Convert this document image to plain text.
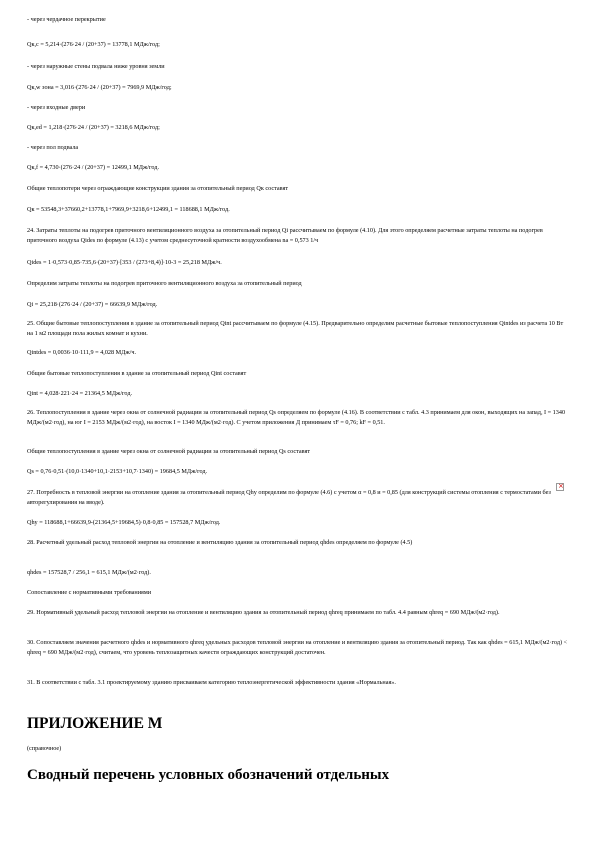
- через чердачное перекрытие

Qк,с = 5,214·(276·24 / (20+37) = 13778,1 МДж/год;

- через наружные стены подвала ниже уровня земли

Qк,w зона = 3,016·(276·24 / (20+37) = 7969,9 МДж/год;

- через входные двери

Qк,ed = 1,218·(276·24 / (20+37) = 3218,6 МДж/год;

- через пол подвала

Qк,f = 4,730·(276·24 / (20+37) = 12499,1 МДж/год.

Общие теплопотери через ограждающие конструкции здания за отопительный период Qк составят

Qк = 53548,3+37660,2+13778,1+7969,9+3218,6+12499,1 = 118688,1 МДж/год.

24. Затраты теплоты на подогрев приточного вентиляционного воздуха за отопительный период Qi рассчитываем по формуле (4.10). Для этого определяем расчетные затраты теплоты на подогрев приточного воздуха Qides по формуле (4.13) с учетом среднесуточной кратности воздухообмена na = 0,573 1/ч

Qides = 1·0,573·0,85·735,6·(20+37)·[353 / (273+8,4)]·10-3 = 25,218 МДж/ч.

Определим затраты теплоты на подогрев приточного вентиляционного воздуха за отопительный период

Qi = 25,218·(276·24 / (20+37) = 66639,9 МДж/год.

25. Общие бытовые теплопоступления в здание за отопительный период Qint рассчитываем по формуле (4.15). Предварительно определим расчетные бытовые теплопоступления Qintdes из расчета 10 Вт на 1 м2 площади пола жилых комнат и кухни.

Qintdes = 0,0036·10·111,9 = 4,028 МДж/ч.

Общие бытовые теплопоступления в здание за отопительный период Qint составят

Qint = 4,028·221·24 = 21364,5 МДж/год.

26. Теплопоступления в здание через окна от солнечной радиации за отопительный период Qs определяем по формуле (4.16). В соответствии с табл. 4.3 принимаем для окон, выходящих на запад, I = 1340 МДж/(м2·год), на юг I = 2153 МДж/(м2·год), на восток I = 1340 МДж/(м2·год). С учетом приложения Д принимаем τF = 0,76; kF = 0,51.

Общие теплопоступления в здание через окна от солнечной радиации за отопительный период Qs составят

Qs = 0,76·0,51·(10,0·1340+10,1·2153+10,7·1340) = 19684,5 МДж/год.

27. Потребность в тепловой энергии на отопление здания за отопительный период Qhy определим по формуле (4.6) с учетом α = 0,8 и = 0,85 (для конструкций системы отопления с термостатами без авторегулирования на вводе).

×

Qhy = 118688,1+66639,9-(21364,5+19684,5)·0,8·0,85 = 157528,7 МДж/год.

28. Расчетный удельный расход тепловой энергии на отопление и вентиляцию здания за отопительный период qhdes определяем по формуле (4.5)

qhdes = 157528,7 / 256,1 = 615,1 МДж/(м2·год).

Сопоставление с нормативными требованиями

29. Нормативный удельный расход тепловой энергии на отопление и вентиляцию здания за отопительный период qhreq принимаем по табл. 4.4 равным qhreq = 690 МДж/(м2·год).

30. Сопоставляем значения расчетного qhdes и нормативного qhreq удельных расходов тепловой энергии на отопление и вентиляцию здания за отопительный период. Так как qhdes = 615,1 МДж/(м2·год) < qhreq = 690 МДж/(м2·год), считаем, что уровень теплозащитных качеств ограждающих конструкций достаточен.

31. В соответствии с табл. 3.1 проектируемому зданию присваиваем категорию теплоэнергетической эффективности здания «Нормальная».

ПРИЛОЖЕНИЕ М

(справочное)

Сводный перечень условных обозначений отдельных
